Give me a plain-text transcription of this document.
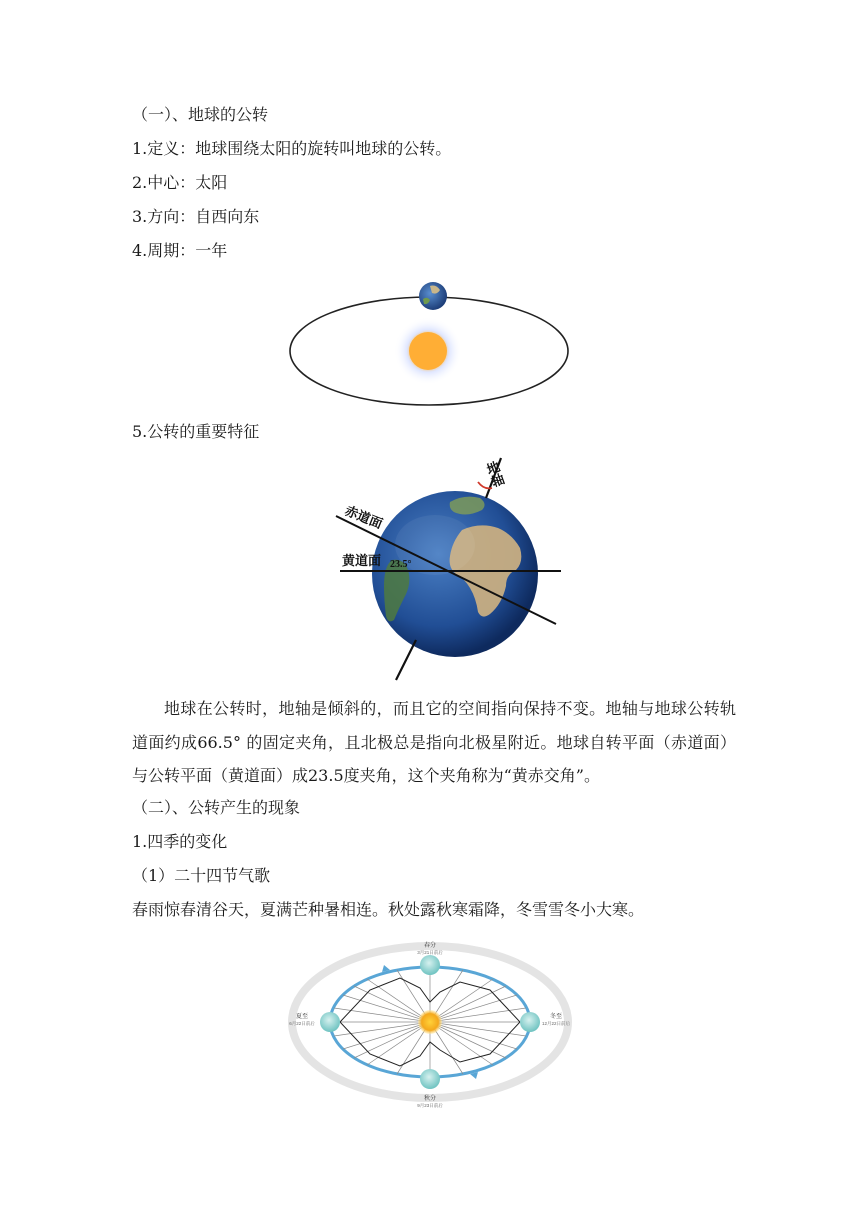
（一）、地球的公转
1.定义：地球围绕太阳的旋转叫地球的公转。
2.中心：太阳
3.方向：自西向东
4.周期：一年
5.公转的重要特征
地轴
赤道面
黄道面 23.5°
地球在公转时，地轴是倾斜的，而且它的空间指向保持不变。地轴与地球公转轨道面约成66.5° 的固定夹角，且北极总是指向北极星附近。地球自转平面（赤道面）与公转平面（黄道面）成23.5度夹角，这个夹角称为“黄赤交角”。
（二）、公转产生的现象
1.四季的变化
（1）二十四节气歌
春雨惊春清谷天，夏满芒种暑相连。秋处露秋寒霜降，冬雪雪冬小大寒。
春分
3月21日前后
秋分
9月23日前后
夏至
6月22日前后
冬至
12月22日前后
